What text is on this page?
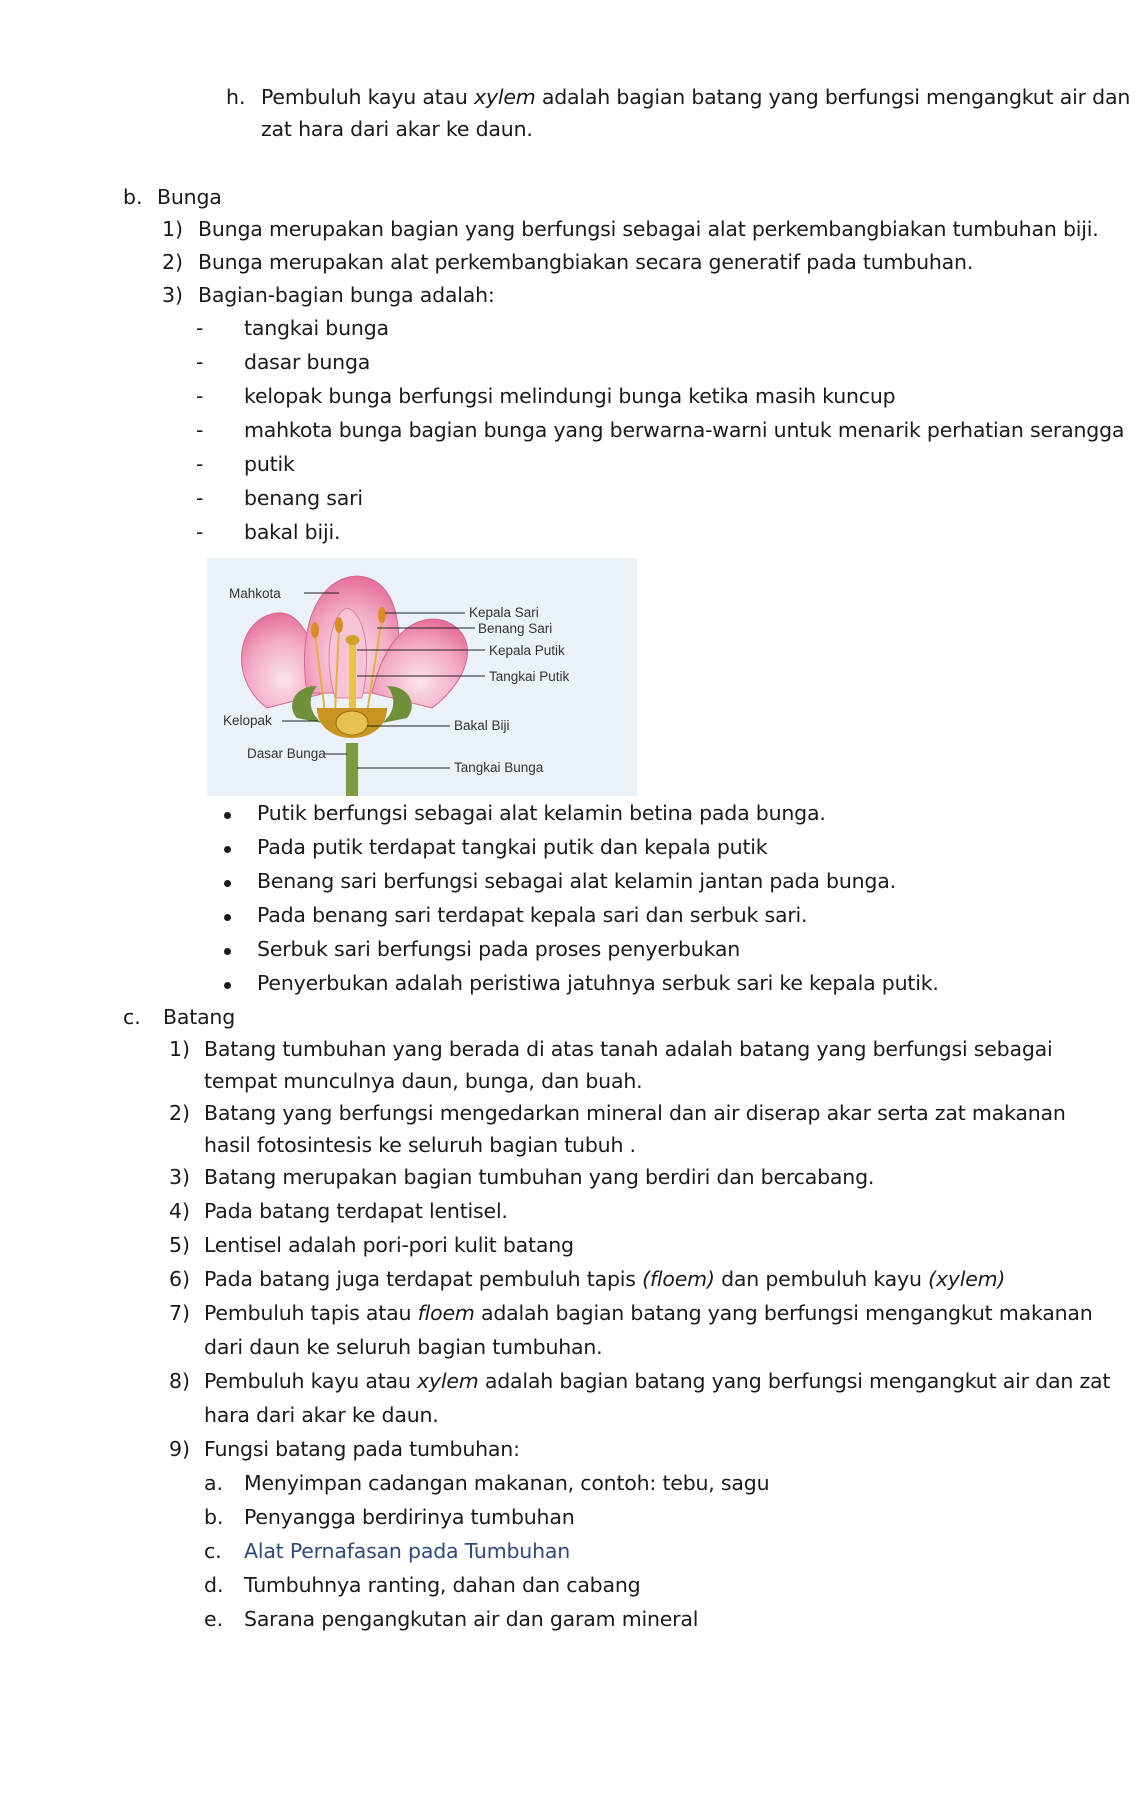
h. Pembuluh kayu atau xylem adalah bagian batang yang berfungsi mengangkut air dan
zat hara dari akar ke daun.
b. Bunga
1) Bunga merupakan bagian yang berfungsi sebagai alat perkembangbiakan tumbuhan biji.
2) Bunga merupakan alat perkembangbiakan secara generatif pada tumbuhan.
3) Bagian-bagian bunga adalah:
- tangkai bunga
- dasar bunga
- kelopak bunga berfungsi melindungi bunga ketika masih kuncup
- mahkota bunga bagian bunga yang berwarna-warni untuk menarik perhatian serangga
- putik
- benang sari
- bakal biji.
Mahkota
Kepala Sari
Benang Sari
Kepala Putik
Tangkai Putik
Kelopak	Bakal Biji
Dasar Bunga
Tangkai Bunga
Putik berfungsi sebagai alat kelamin betina pada bunga.
Pada putik terdapat tangkai putik dan kepala putik
Benang sari berfungsi sebagai alat kelamin jantan pada bunga.
Pada benang sari terdapat kepala sari dan serbuk sari.
Serbuk sari berfungsi pada proses penyerbukan
Penyerbukan adalah peristiwa jatuhnya serbuk sari ke kepala putik.
c. Batang
1) Batang tumbuhan yang berada di atas tanah adalah batang yang berfungsi sebagai
tempat munculnya daun, bunga, dan buah.
2) Batang yang berfungsi mengedarkan mineral dan air diserap akar serta zat makanan
hasil fotosintesis ke seluruh bagian tubuh .
3) Batang merupakan bagian tumbuhan yang berdiri dan bercabang.
4) Pada batang terdapat lentisel.
5) Lentisel adalah pori-pori kulit batang
6) Pada batang juga terdapat pembuluh tapis (floem) dan pembuluh kayu (xylem)
7) Pembuluh tapis atau floem adalah bagian batang yang berfungsi mengangkut makanan
dari daun ke seluruh bagian tumbuhan.
8) Pembuluh kayu atau xylem adalah bagian batang yang berfungsi mengangkut air dan zat
hara dari akar ke daun.
9) Fungsi batang pada tumbuhan:
a. Menyimpan cadangan makanan, contoh: tebu, sagu
b. Penyangga berdirinya tumbuhan
c. Alat Pernafasan pada Tumbuhan
d. Tumbuhnya ranting, dahan dan cabang
e. Sarana pengangkutan air dan garam mineral
